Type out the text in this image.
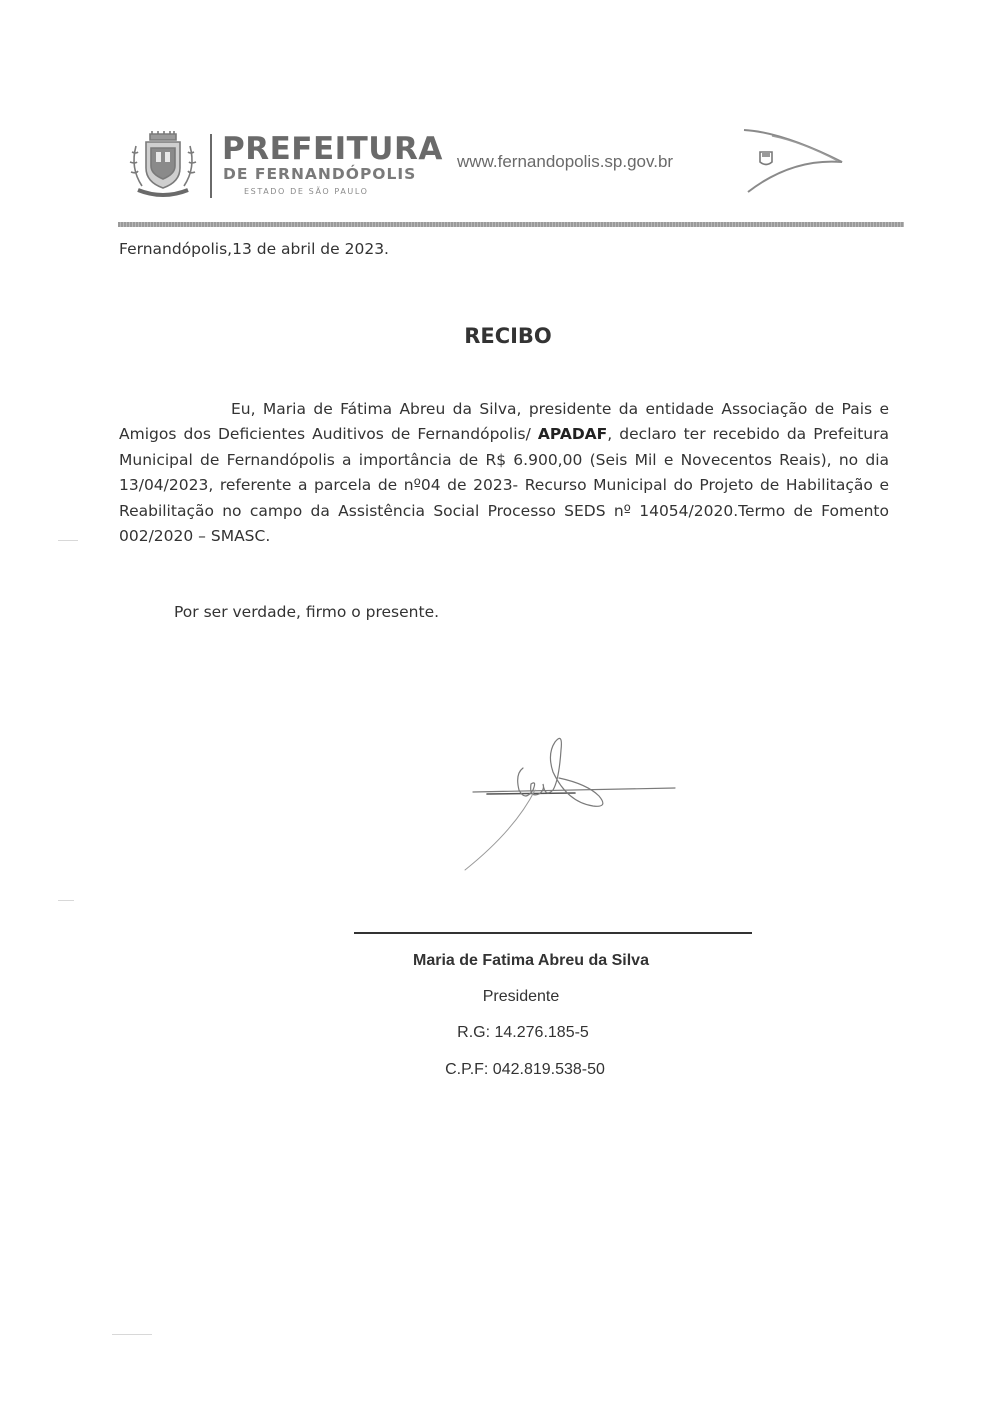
PREFEITURA
DE FERNANDÓPOLIS
ESTADO DE SÃO PAULO
www.fernandopolis.sp.gov.br
Fernandópolis,13 de abril de 2023.
RECIBO
Eu, Maria de Fátima Abreu da Silva, presidente da entidade Associação de Pais e Amigos dos Deficientes Auditivos de Fernandópolis/ APADAF, declaro ter recebido da Prefeitura Municipal de Fernandópolis a importância de R$ 6.900,00 (Seis Mil e Novecentos Reais), no dia 13/04/2023, referente a parcela de nº04 de 2023- Recurso Municipal do Projeto de Habilitação e Reabilitação no campo da Assistência Social Processo SEDS nº 14054/2020.Termo de Fomento 002/2020 – SMASC.
Por ser verdade, firmo o presente.
Maria de Fatima Abreu da Silva
Presidente
R.G: 14.276.185-5
C.P.F: 042.819.538-50
